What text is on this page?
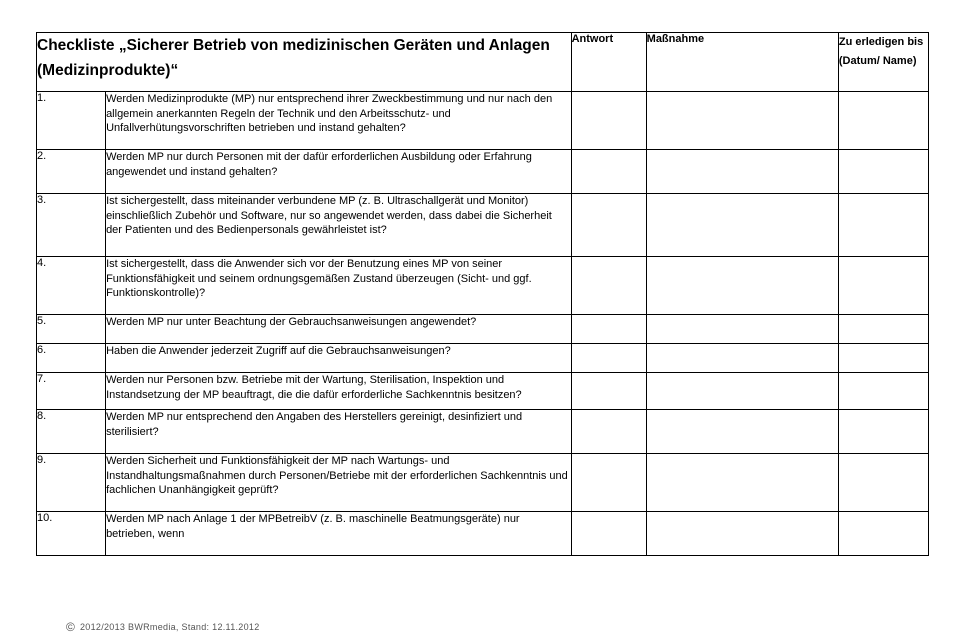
Checkliste „Sicherer Betrieb von medizinischen Geräten und Anlagen (Medizinprodukte)“		Antwort	Maßnahme	Zu erledigen bis (Datum/ Name)
1.	Werden Medizinprodukte (MP) nur entsprechend ihrer Zweckbestimmung und nur nach den allgemein anerkannten Regeln der Technik und den Arbeitsschutz- und Unfallverhütungsvorschriften betrieben und instand gehalten?			
2.	Werden MP nur durch Personen mit der dafür erforderlichen Ausbildung oder Erfahrung angewendet und instand gehalten?			
3.	Ist sichergestellt, dass miteinander verbundene MP (z. B. Ultraschallgerät und Monitor) einschließlich Zubehör und Software, nur so angewendet werden, dass dabei die Sicherheit der Patienten und des Bedienpersonals gewährleistet ist?			
4.	Ist sichergestellt, dass die Anwender sich vor der Benutzung eines MP von seiner Funktionsfähigkeit und seinem ordnungsgemäßen Zustand überzeugen (Sicht- und ggf. Funktionskontrolle)?			
5.	Werden MP nur unter Beachtung der Gebrauchsanweisungen angewendet?			
6.	Haben die Anwender jederzeit Zugriff auf die Gebrauchsanweisungen?			
7.	Werden nur Personen bzw. Betriebe mit der Wartung, Sterilisation, Inspektion und Instandsetzung der MP beauftragt, die die dafür erforderliche Sachkenntnis besitzen?			
8.	Werden MP nur entsprechend den Angaben des Herstellers gereinigt, desinfiziert und sterilisiert?			
9.	Werden Sicherheit und Funktionsfähigkeit der MP nach Wartungs- und Instandhaltungsmaßnahmen durch Personen/Betriebe mit der erforderlichen Sachkenntnis und fachlichen Unanhängigkeit geprüft?			
10.	Werden MP nach Anlage 1 der MPBetreibV (z. B. maschinelle Beatmungsgeräte) nur betrieben, wenn			
© 2012/2013 BWRmedia, Stand: 12.11.2012
